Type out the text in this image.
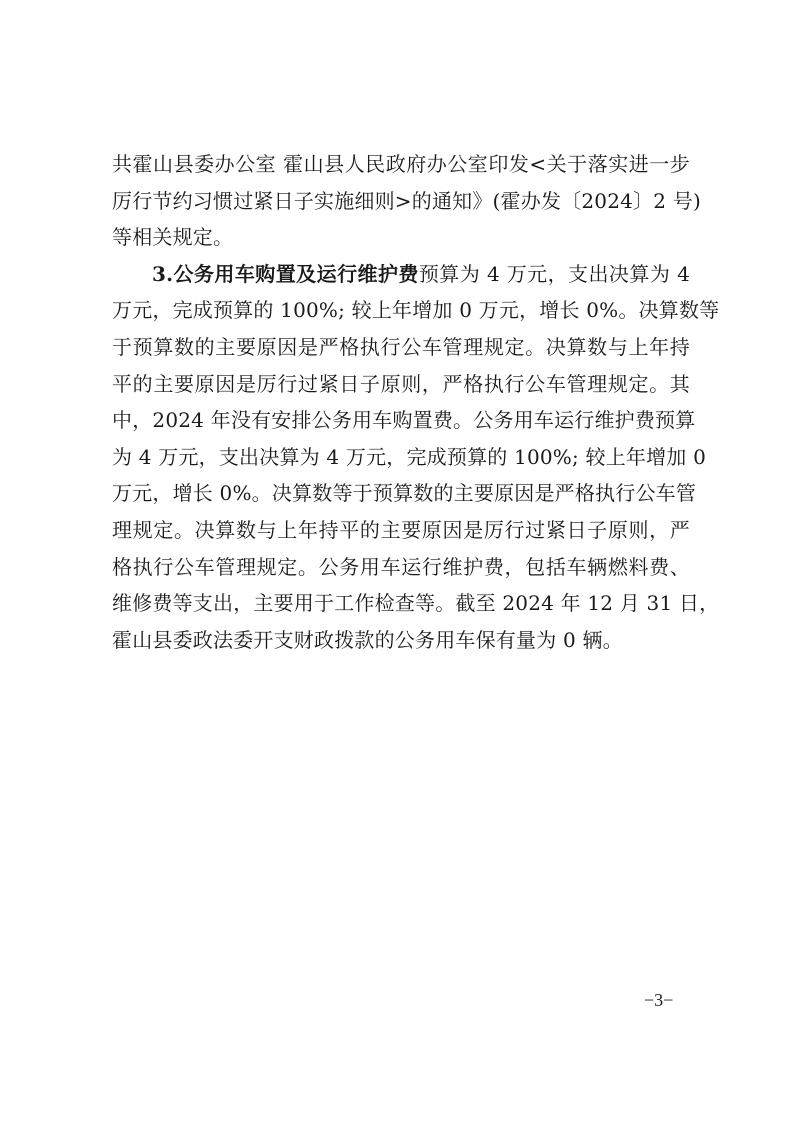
共霍山县委办公室 霍山县人民政府办公室印发<关于落实进一步
厉行节约习惯过紧日子实施细则>的通知》(霍办发〔2024〕2 号)
等相关规定。
3.公务用车购置及运行维护费预算为 4 万元，支出决算为 4
万元，完成预算的 100%; 较上年增加 0 万元，增长 0%。决算数等
于预算数的主要原因是严格执行公车管理规定。决算数与上年持
平的主要原因是厉行过紧日子原则，严格执行公车管理规定。其
中，2024 年没有安排公务用车购置费。公务用车运行维护费预算
为 4 万元，支出决算为 4 万元，完成预算的 100%; 较上年增加 0
万元，增长 0%。决算数等于预算数的主要原因是严格执行公车管
理规定。决算数与上年持平的主要原因是厉行过紧日子原则，严
格执行公车管理规定。公务用车运行维护费，包括车辆燃料费、
维修费等支出，主要用于工作检查等。截至 2024 年 12 月 31 日，
霍山县委政法委开支财政拨款的公务用车保有量为 0 辆。
−3−
